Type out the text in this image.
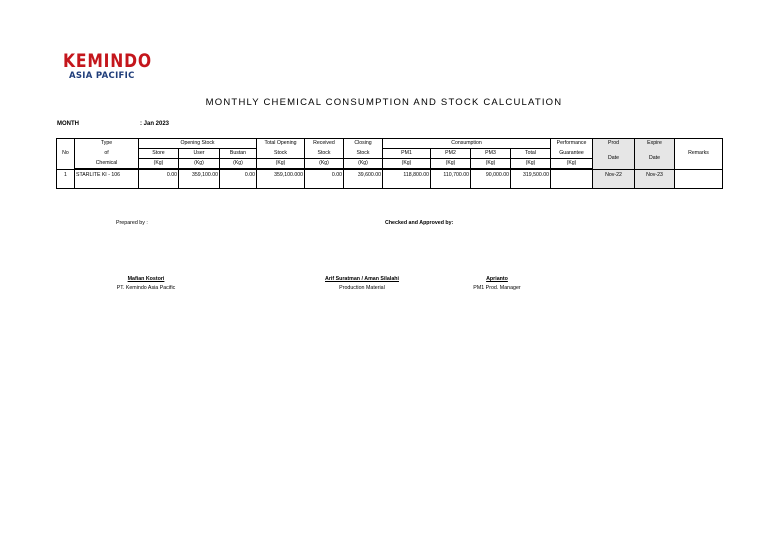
KEMINDO
ASIA PACIFIC
MONTHLY CHEMICAL CONSUMPTION AND STOCK CALCULATION
MONTH	: Jan 2023
No	Type	Opening Stock			Total Opening	Received	Closing	Consumption				Performance	Prod	Expire	Remarks
	of	Store	User	Bustan	Stock	Stock	Stock	PM1	PM2	PM3	Total	Guarantee	Date	Date	
	Chemical	(Kg)	(Kg)	(Kg)	(Kg)	(Kg)	(Kg)	(Kg)	(Kg)	(Kg)	(Kg)	(Kg)			
1	STARLITE KI - 106	0.00	359,100.00	0.00	359,100.000	0.00	39,600.00	118,800.00	110,700.00	90,000.00	319,500.00		Nov-22	Nov-23	
Prepared by :	Checked and Approved by:
Mafian Kostori
PT. Kemindo Asia Pacific
Arif Suratman / Aman Silalahi
Production Material
Aprianto
PM1 Prod. Manager
